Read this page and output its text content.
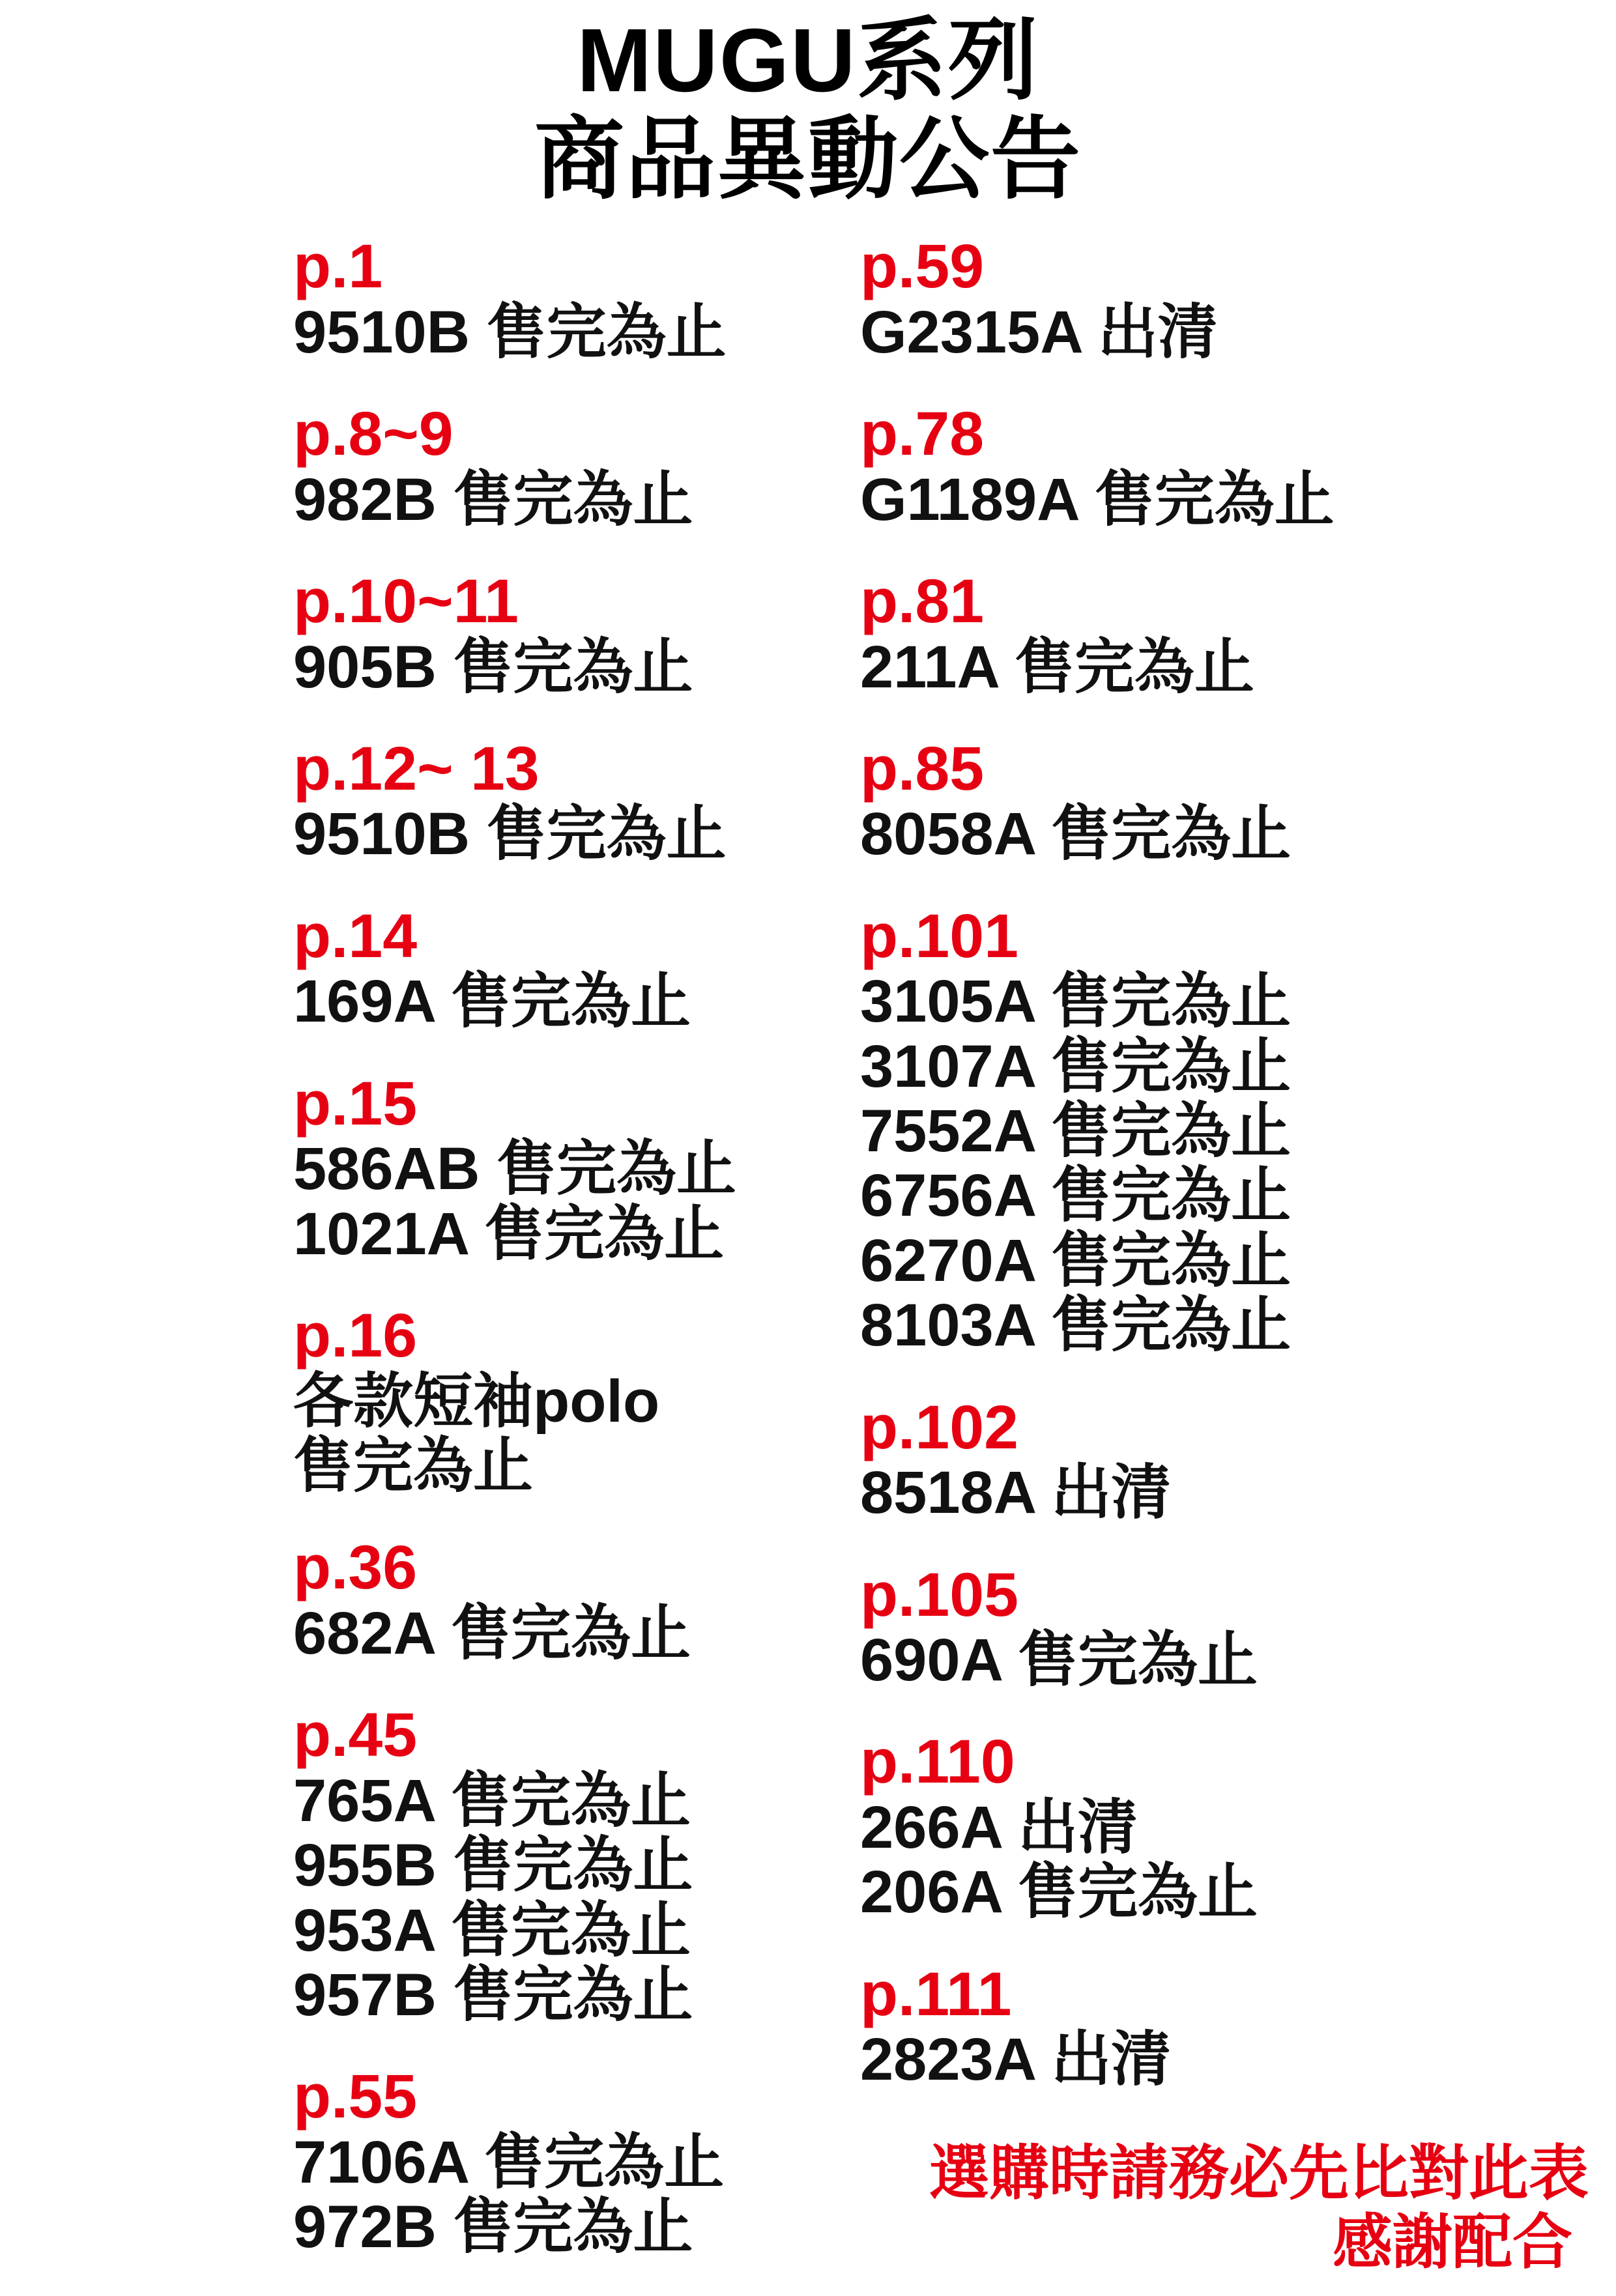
MUGU系列
商品異動公告
p.1
9510B 售完為止
p.8~9
982B 售完為止
p.10~11
905B 售完為止
p.12~ 13
9510B 售完為止
p.14
169A 售完為止
p.15
586AB 售完為止
1021A 售完為止
p.16
各款短袖polo
售完為止
p.36
682A 售完為止
p.45
765A 售完為止
955B 售完為止
953A 售完為止
957B 售完為止
p.55
7106A 售完為止
972B 售完為止
p.59
G2315A 出清
p.78
G1189A 售完為止
p.81
211A 售完為止
p.85
8058A 售完為止
p.101
3105A 售完為止
3107A 售完為止
7552A 售完為止
6756A 售完為止
6270A 售完為止
8103A 售完為止
p.102
8518A 出清
p.105
690A 售完為止
p.110
266A 出清
206A 售完為止
p.111
2823A 出清
選購時請務必先比對此表
感謝配合
